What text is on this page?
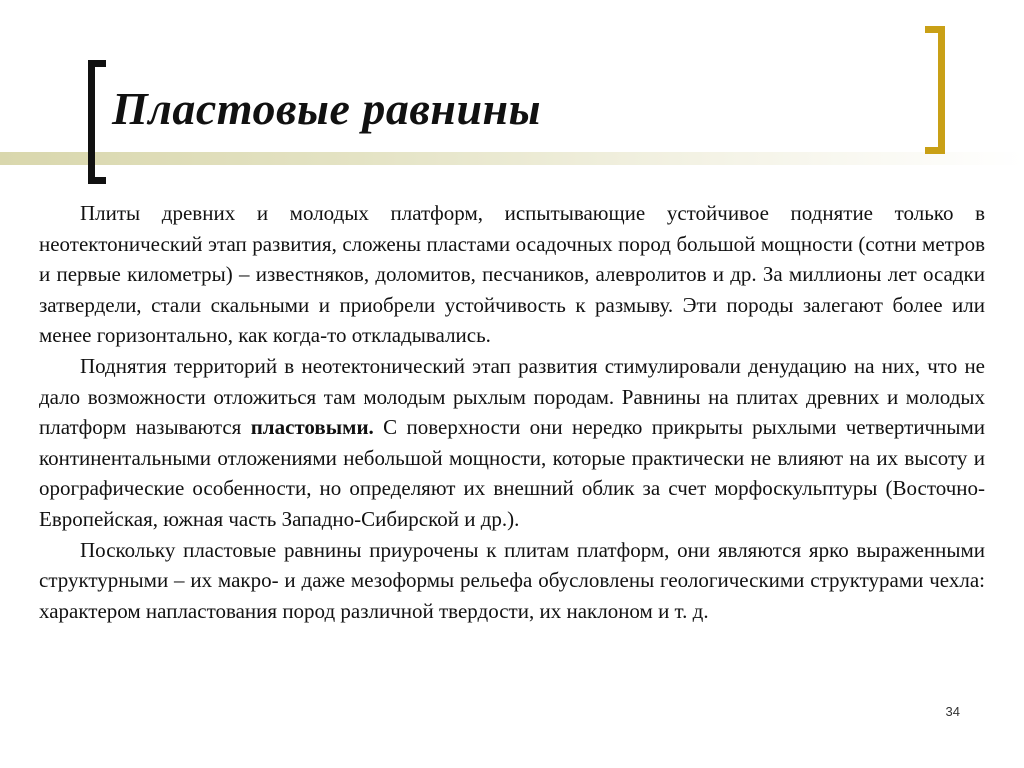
Пластовые равнины

Плиты древних и молодых платформ, испытывающие устойчивое поднятие только в неотектонический этап развития, сложены пластами осадочных пород большой мощности (сотни метров и первые километры) – известняков, доломитов, песчаников, алевролитов и др. За миллионы лет осадки затвердели, стали скальными и приобрели устойчивость к размыву. Эти породы залегают более или менее горизонтально, как когда-то откладывались.

Поднятия территорий в неотектонический этап развития стимулировали денудацию на них, что не дало возможности отложиться там молодым рыхлым породам. Равнины на плитах древних и молодых платформ называются пластовыми. С поверхности они нередко прикрыты рыхлыми четвертичными континентальными отложениями небольшой мощности, которые практически не влияют на их высоту и орографические особенности, но определяют их внешний облик за счет морфоскульптуры (Восточно-Европейская, южная часть Западно-Сибирской и др.).

Поскольку пластовые равнины приурочены к плитам платформ, они являются ярко выраженными структурными – их макро- и даже мезоформы рельефа обусловлены геологическими структурами чехла: характером напластования пород различной твердости, их наклоном и т. д.

34
